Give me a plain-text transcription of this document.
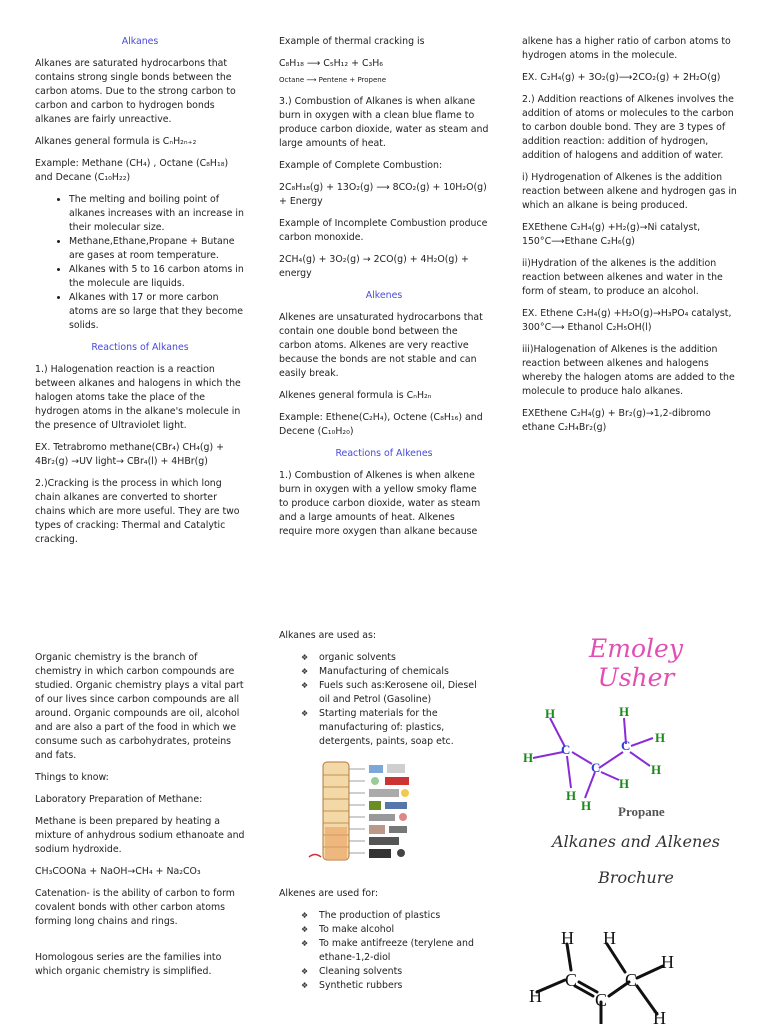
Alkanes

Alkanes are saturated hydrocarbons that contains strong single bonds between the carbon atoms. Due to the strong carbon to carbon and carbon to hydrogen bonds alkanes are fairly unreactive.

Alkanes general formula is CₙH₂ₙ₊₂

Example: Methane (CH₄) , Octane (C₈H₁₈) and Decane (C₁₀H₂₂)

• The melting and boiling point of alkanes increases with an increase in their molecular size.
• Methane,Ethane,Propane + Butane are gases at room temperature.
• Alkanes with 5 to 16 carbon atoms in the molecule are liquids.
• Alkanes with 17 or more carbon atoms are so large that they become solids.

Reactions of Alkanes

1.) Halogenation reaction is a reaction between alkanes and halogens in which the halogen atoms take the place of the hydrogen atoms in the alkane's molecule in the presence of Ultraviolet light.

EX. Tetrabromo methane(CBr₄) CH₄(g) + 4Br₂(g) →UV light→ CBr₄(l) + 4HBr(g)

2.)Cracking is the process in which long chain alkanes are converted to shorter chains which are more useful. They are two types of cracking: Thermal and Catalytic cracking.

Example of thermal cracking is

C₈H₁₈ ⟶ C₅H₁₂ + C₃H₆

Octane ⟶ Pentene + Propene

3.) Combustion of Alkanes is when alkane burn in oxygen with a clean blue flame to produce carbon dioxide, water as steam and large amounts of heat.

Example of Complete Combustion:

2C₈H₁₈(g) + 13O₂(g) ⟶ 8CO₂(g) + 10H₂O(g) + Energy

Example of Incomplete Combustion produce carbon monoxide.

2CH₄(g) + 3O₂(g) → 2CO(g) + 4H₂O(g) + energy

Alkenes

Alkenes are unsaturated hydrocarbons that contain one double bond between the carbon atoms. Alkenes are very reactive because the bonds are not stable and can easily break.

Alkenes general formula is CₙH₂ₙ

Example: Ethene(C₂H₄), Octene (C₈H₁₆) and Decene (C₁₀H₂₀)

Reactions of Alkenes

1.) Combustion of Alkenes is when alkene burn in oxygen with a yellow smoky flame to produce carbon dioxide, water as steam and a large amounts of heat. Alkenes require more oxygen than alkane because

alkene has a higher ratio of carbon atoms to hydrogen atoms in the molecule.

EX. C₂H₄(g) + 3O₂(g)⟶2CO₂(g) + 2H₂O(g)

2.) Addition reactions of Alkenes involves the addition of atoms or molecules to the carbon to carbon double bond. They are 3 types of addition reaction: addition of hydrogen, addition of halogens and addition of water.

i) Hydrogenation of Alkenes is the addition reaction between alkene and hydrogen gas in which an alkane is being produced.

EXEthene C₂H₄(g) +H₂(g)→Ni catalyst, 150°C⟶Ethane C₂H₆(g)

ii)Hydration of the alkenes is the addition reaction between alkenes and water in the form of steam, to produce an alcohol.

EX. Ethene C₂H₄(g) +H₂O(g)→H₃PO₄ catalyst, 300°C⟶ Ethanol C₂H₅OH(l)

iii)Halogenation of Alkenes is the addition reaction between alkenes and halogens whereby the halogen atoms are added to the molecule to produce halo alkanes.

EXEthene C₂H₄(g) + Br₂(g)→1,2-dibromo ethane C₂H₄Br₂(g)

Organic chemistry is the branch of chemistry in which carbon compounds are studied. Organic chemistry plays a vital part of our lives since carbon compounds are all around. Organic compounds are oil, alcohol and are also a part of the food in which we consume such as carbohydrates, proteins and fats.

Things to know:

Laboratory Preparation of Methane:

Methane is been prepared by heating a mixture of anhydrous sodium ethanoate and sodium hydroxide.

CH₃COONa + NaOH→CH₄ + Na₂CO₃

Catenation- is the ability of carbon to form covalent bonds with other carbon atoms forming long chains and rings.

Homologous series are the families into which organic chemistry is simplified.

Alkanes are used as:

❖ organic solvents
❖ Manufacturing of chemicals
❖ Fuels such as:Kerosene oil, Diesel oil and Petrol (Gasoline)
❖ Starting materials for the manufacturing of: plastics, detergents, paints, soap etc.

Alkenes are used for:

❖ The production of plastics
❖ To make alcohol
❖ To make antifreeze (terylene and ethane-1,2-diol
❖ Cleaning solvents
❖ Synthetic rubbers
Emoley Usher
H
H
C
H
C
H
H
C
H
H
H
Propane
Alkanes and Alkenes
Brochure
H
H
C
C
H
C
H
H
